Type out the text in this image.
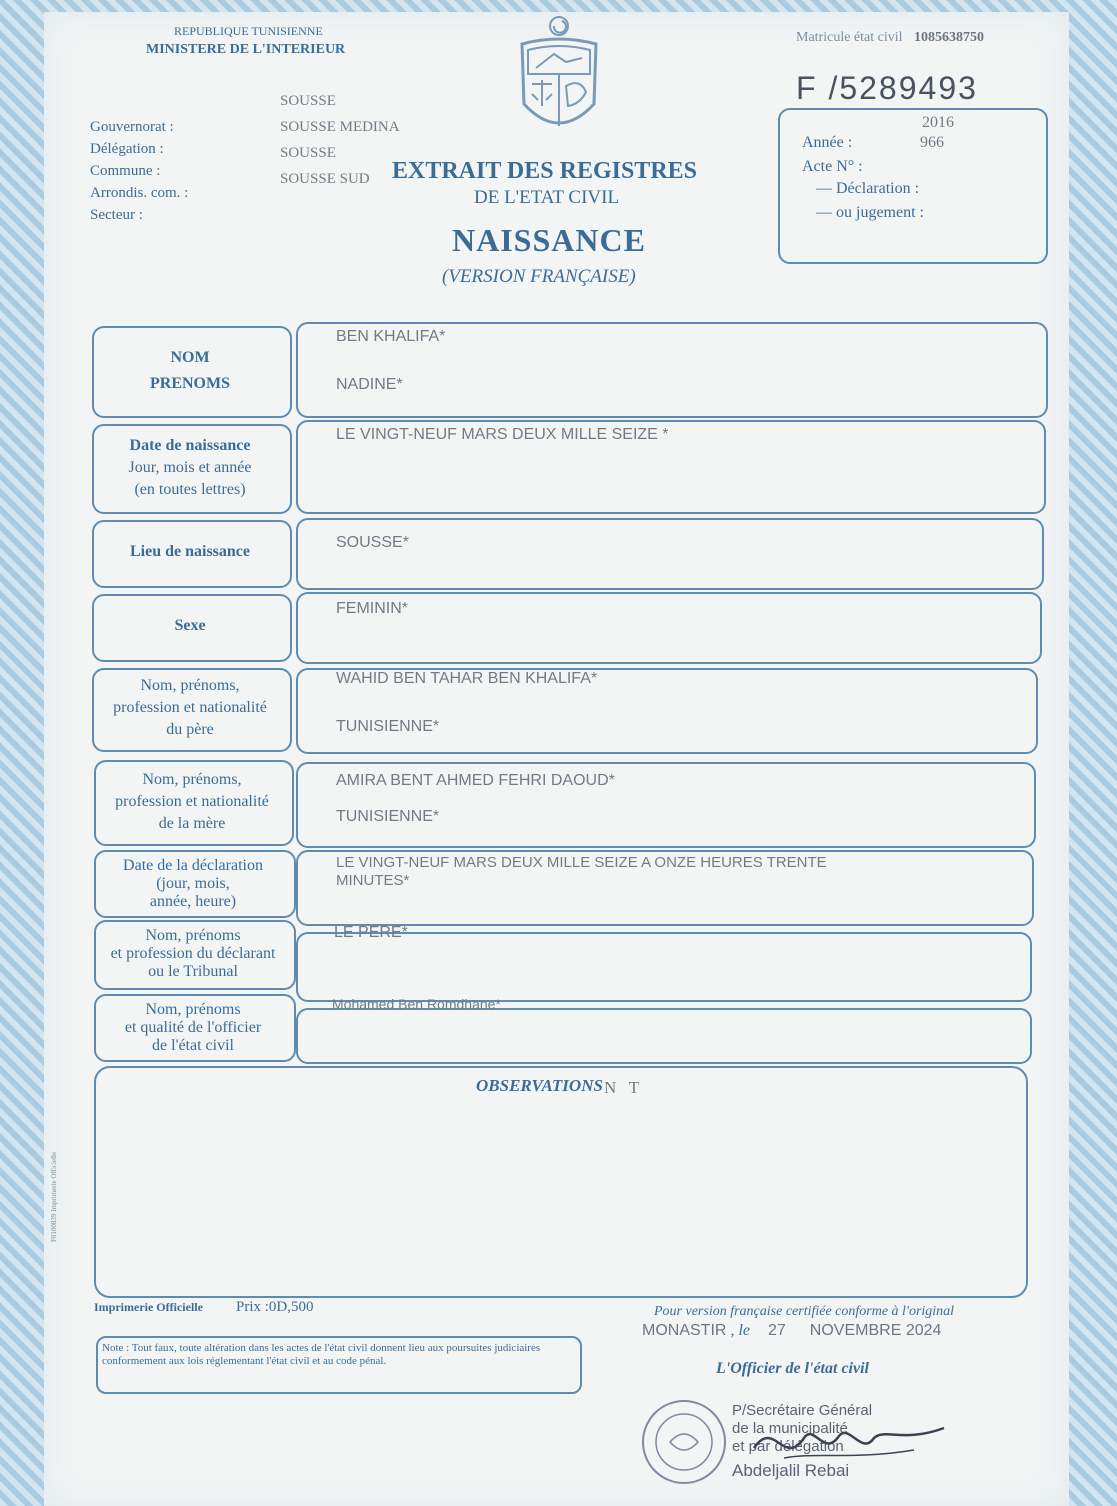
REPUBLIQUE TUNISIENNE
MINISTERE DE L'INTERIEUR
Matricule état civil 1085638750
F /5289493
Gouvernorat :
Délégation :
Commune :
Arrondis. com. :
Secteur :
SOUSSE
SOUSSE MEDINA
SOUSSE
SOUSSE SUD EXTRAIT DES REGISTRES
DE L'ETAT CIVIL
NAISSANCE
(VERSION FRANÇAISE)
Année :
2016
Acte N° :
966
— Déclaration :
— ou jugement :
NOM
PRENOMS
BEN KHALIFA*
NADINE*
Date de naissance
Jour, mois et année
(en toutes lettres)
LE VINGT-NEUF MARS DEUX MILLE SEIZE *
Lieu de naissance
SOUSSE*
Sexe
FEMININ*
Nom, prénoms,
profession et nationalité
du père
WAHID BEN TAHAR BEN KHALIFA*
TUNISIENNE*
Nom, prénoms,
profession et nationalité
de la mère
AMIRA BENT AHMED FEHRI DAOUD*
TUNISIENNE*
Date de la déclaration
(jour, mois,
année, heure)
LE VINGT-NEUF MARS DEUX MILLE SEIZE A ONZE HEURES TRENTE
MINUTES*
Nom, prénoms
et profession du déclarant
ou le Tribunal
LE PERE*
Nom, prénoms
et qualité de l'officier
de l'état civil
Mohamed Ben Romdhane*
OBSERVATIONS N   T
F0100839 Imprimerie Officielle
Imprimerie Officielle Prix :0D,500
Note : Tout faux, toute altération dans les actes de l'état civil donnent lieu aux poursuites judiciaires conformement aux lois réglementant l'état civil et au code pénal.
Pour version française certifiée conforme à l'original
MONASTIR , le 27 NOVEMBRE 2024
L'Officier de l'état civil
P/Secrétaire Général
de la municipalité
et par délégation
Abdeljalil Rebai
